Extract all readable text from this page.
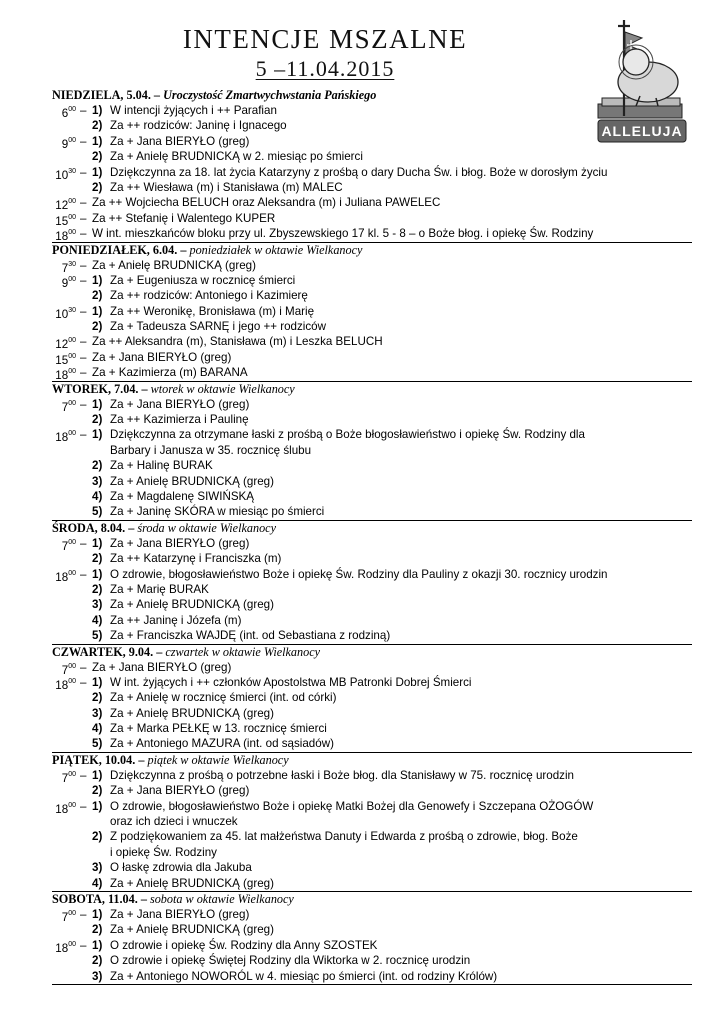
INTENCJE MSZALNE
5 –11.04.2015
ALLELUJA
NIEDZIELA, 5.04. – Uroczystość Zmartwychwstania Pańskiego
$6^{00} - 1$) W intencji żyjących i ++ Parafian
2) Za ++ rodziców: Janinę i Ignacego
$9^{00} - 1$) Za + Jana BIERYŁO (greg)
2) Za + Anielę BRUDNICKĄ w 2. miesiąc po śmierci
$10^{30} - 1$) Dziękczynna za 18. lat życia Katarzyny z prośbą o dary Ducha Św. i błog. Boże w dorosłym życiu
2) Za ++ Wiesława (m) i Stanisława (m) MALEC
$12^{00}$ – Za ++ Wojciecha BELUCH oraz Aleksandra (m) i Juliana PAWELEC
$15^{00}$ – Za ++ Stefanię i Walentego KUPER
$18^{00}$ – W int. mieszkańców bloku przy ul. Zbyszewskiego 17 kl. 5 - 8 – o Boże błog. i opiekę Św. Rodziny
PONIEDZIAŁEK, 6.04. – poniedziałek w oktawie Wielkanocy
$7^{30}$ – Za + Anielę BRUDNICKĄ (greg)
$9^{00} - 1$) Za + Eugeniusza w rocznicę śmierci
2) Za ++ rodziców: Antoniego i Kazimierę
$10^{30} - 1$) Za ++ Weronikę, Bronisława (m) i Marię
2) Za + Tadeusza SARNĘ i jego ++ rodziców
$12^{00}$ – Za ++ Aleksandra (m), Stanisława (m) i Leszka BELUCH
$15^{00}$ – Za + Jana BIERYŁO (greg)
$18^{00}$ – Za + Kazimierza (m) BARANA
WTOREK, 7.04. – wtorek w oktawie Wielkanocy
$7^{00} - 1$) Za + Jana BIERYŁO (greg)
2) Za ++ Kazimierza i Paulinę
$18^{00} - 1$) Dziękczynna za otrzymane łaski z prośbą o Boże błogosławieństwo i opiekę Św. Rodziny dla
Barbary i Janusza w 35. rocznicę ślubu
2) Za + Halinę BURAK
3) Za + Anielę BRUDNICKĄ (greg)
4) Za + Magdalenę SIWIŃSKĄ
5) Za + Janinę SKÓRA w miesiąc po śmierci
ŚRODA, 8.04. – środa w oktawie Wielkanocy
$7^{00} - 1$) Za + Jana BIERYŁO (greg)
2) Za ++ Katarzynę i Franciszka (m)
$18^{00} - 1$) O zdrowie, błogosławieństwo Boże i opiekę Św. Rodziny dla Pauliny z okazji 30. rocznicy urodzin
2) Za + Marię BURAK
3) Za + Anielę BRUDNICKĄ (greg)
4) Za ++ Janinę i Józefa (m)
5) Za + Franciszka WAJDĘ (int. od Sebastiana z rodziną)
CZWARTEK, 9.04. – czwartek w oktawie Wielkanocy
$7^{00}$ – Za + Jana BIERYŁO (greg)
$18^{00} - 1$) W int. żyjących i ++ członków Apostolstwa MB Patronki Dobrej Śmierci
2) Za + Anielę w rocznicę śmierci (int. od córki)
3) Za + Anielę BRUDNICKĄ (greg)
4) Za + Marka PEŁKĘ w 13. rocznicę śmierci
5) Za + Antoniego MAZURA (int. od sąsiadów)
PIĄTEK, 10.04. – piątek w oktawie Wielkanocy
$7^{00} - 1$) Dziękczynna z prośbą o potrzebne łaski i Boże błog. dla Stanisławy w 75. rocznicę urodzin
2) Za + Jana BIERYŁO (greg)
$18^{00} - 1$) O zdrowie, błogosławieństwo Boże i opiekę Matki Bożej dla Genowefy i Szczepana OŻOGÓW
oraz ich dzieci i wnuczek
2) Z podziękowaniem za 45. lat małżeństwa Danuty i Edwarda z prośbą o zdrowie, błog. Boże
i opiekę Św. Rodziny
3) O łaskę zdrowia dla Jakuba
4) Za + Anielę BRUDNICKĄ (greg)
SOBOTA, 11.04. – sobota w oktawie Wielkanocy
$7^{00} - 1$) Za + Jana BIERYŁO (greg)
2) Za + Anielę BRUDNICKĄ (greg)
$18^{00} - 1$) O zdrowie i opiekę Św. Rodziny dla Anny SZOSTEK
2) O zdrowie i opiekę Świętej Rodziny dla Wiktorka w 2. rocznicę urodzin
3) Za + Antoniego NOWORÓL w 4. miesiąc po śmierci (int. od rodziny Królów)
